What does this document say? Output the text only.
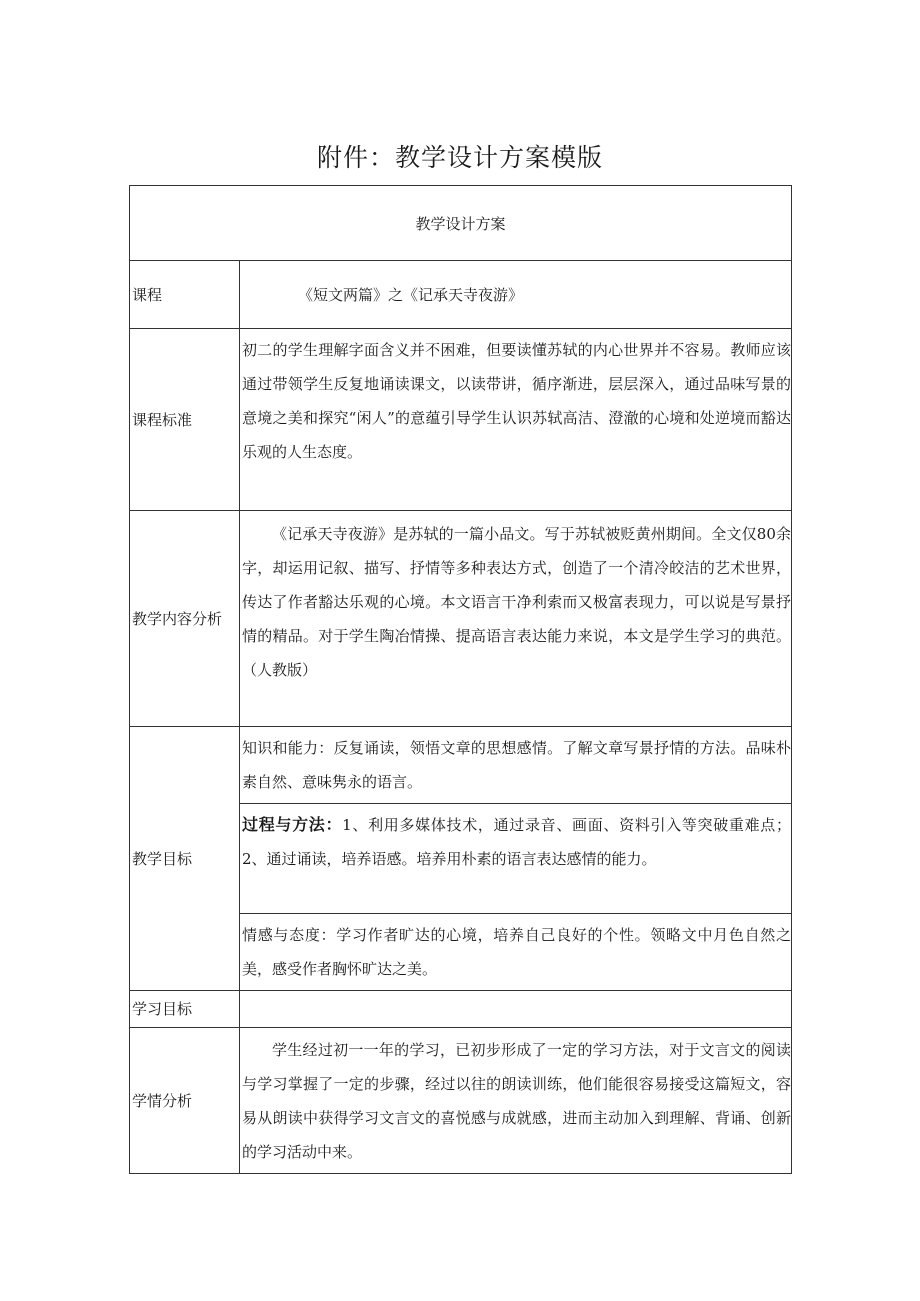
附件：教学设计方案模版
教学设计方案	
课程	《短文两篇》之《记承天寺夜游》
课程标准	初二的学生理解字面含义并不困难，但要读懂苏轼的内心世界并不容易。教师应该通过带领学生反复地诵读课文，以读带讲，循序渐进，层层深入，通过品味写景的意境之美和探究“闲人”的意蕴引导学生认识苏轼高洁、澄澈的心境和处逆境而豁达乐观的人生态度。
教学内容分析	《记承天寺夜游》是苏轼的一篇小品文。写于苏轼被贬黄州期间。全文仅80余字，却运用记叙、描写、抒情等多种表达方式，创造了一个清冷皎洁的艺术世界，传达了作者豁达乐观的心境。本文语言干净利索而又极富表现力，可以说是写景抒情的精品。对于学生陶冶情操、提高语言表达能力来说，本文是学生学习的典范。（人教版）
教学目标	知识和能力：反复诵读，领悟文章的思想感情。了解文章写景抒情的方法。品味朴素自然、意味隽永的语言。
	过程与方法：1、利用多媒体技术，通过录音、画面、资料引入等突破重难点；2、通过诵读，培养语感。培养用朴素的语言表达感情的能力。
	情感与态度：学习作者旷达的心境，培养自己良好的个性。领略文中月色自然之美，感受作者胸怀旷达之美。
学习目标	
学情分析	学生经过初一一年的学习，已初步形成了一定的学习方法，对于文言文的阅读与学习掌握了一定的步骤，经过以往的朗读训练，他们能很容易接受这篇短文，容易从朗读中获得学习文言文的喜悦感与成就感，进而主动加入到理解、背诵、创新的学习活动中来。
